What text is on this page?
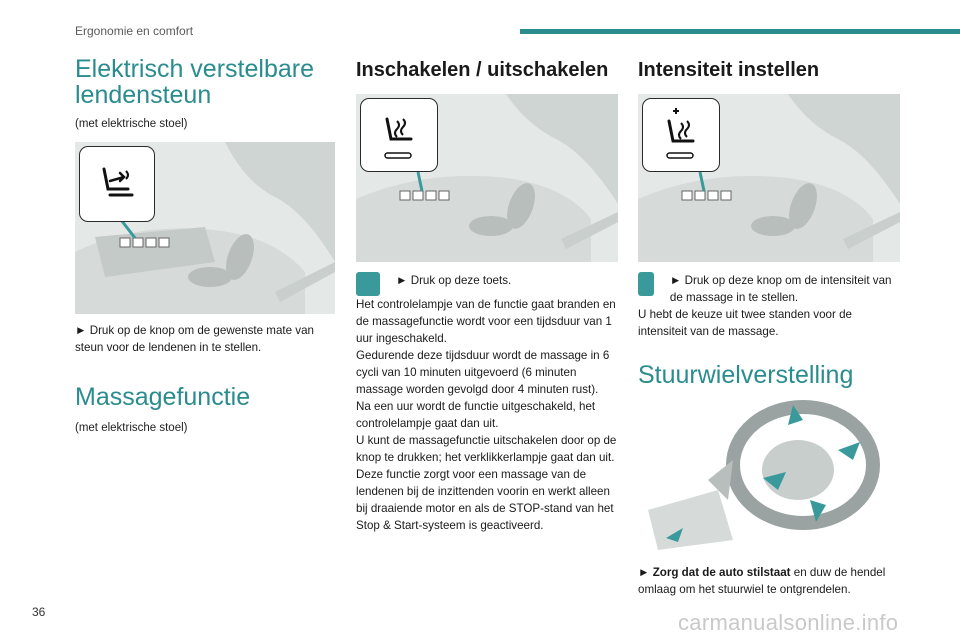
Ergonomie en comfort
Elektrisch verstelbare
lendensteun

(met elektrische stoel)

► Druk op de knop om de gewenste mate van steun voor de lendenen in te stellen.

Massagefunctie

(met elektrische stoel)

Inschakelen / uitschakelen

► Druk op deze toets.

Het controlelampje van de functie gaat branden en de massagefunctie wordt voor een tijdsduur van 1 uur ingeschakeld.
Gedurende deze tijdsduur wordt de massage in 6 cycli van 10 minuten uitgevoerd (6 minuten massage worden gevolgd door 4 minuten rust).
Na een uur wordt de functie uitgeschakeld, het controlelampje gaat dan uit.
U kunt de massagefunctie uitschakelen door op de knop te drukken; het verklikkerlampje gaat dan uit.
Deze functie zorgt voor een massage van de lendenen bij de inzittenden voorin en werkt alleen bij draaiende motor en als de STOP-stand van het Stop & Start-systeem is geactiveerd.

Intensiteit instellen

► Druk op deze knop om de intensiteit van de massage in te stellen.

U hebt de keuze uit twee standen voor de intensiteit van de massage.

Stuurwielverstelling

► Zorg dat de auto stilstaat en duw de hendel omlaag om het stuurwiel te ontgrendelen.

36	carmanualsonline.info
